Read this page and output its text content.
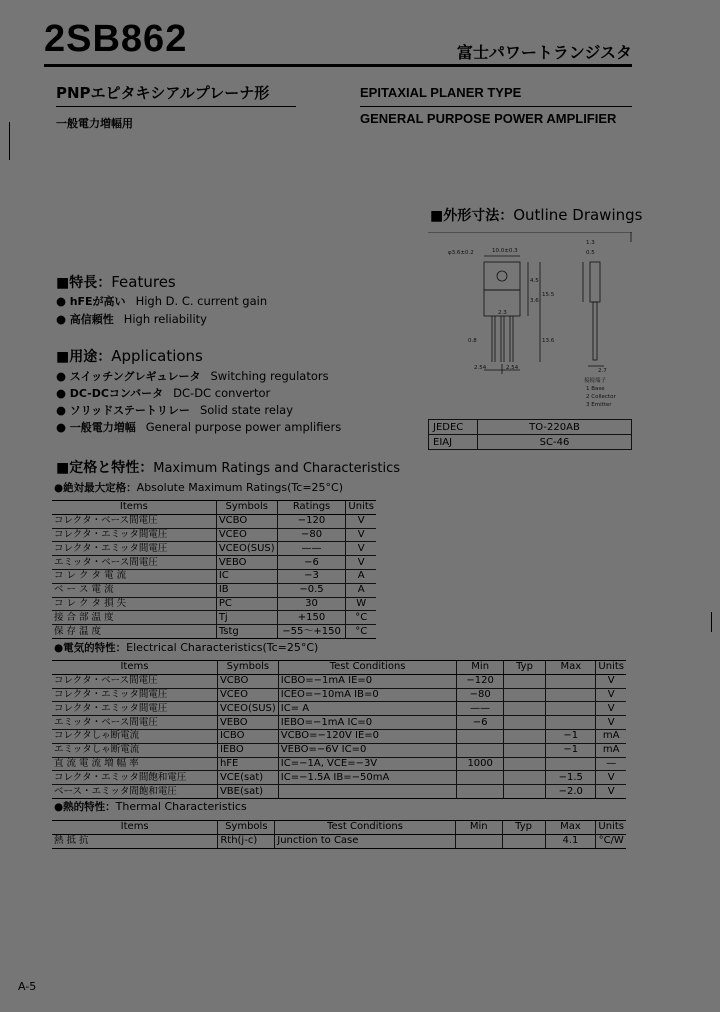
2SB862	富士パワートランジスタ
PNPエピタキシアルプレーナ形
一般電力増幅用
EPITAXIAL PLANER TYPE
GENERAL PURPOSE POWER AMPLIFIER
■外形寸法：Outline Drawings
φ3.6±0.2	10.0±0.3
4.5
3.6
15.5
2.3
13.6
0.8
2.54	2.54	2.7
1.3
0.5
接続端子
1 Base
2 Collector
3 Emitter
JEDEC	TO-220AB
EIAJ	SC-46
■特長：Features
● hFEが高い High D. C. current gain
● 高信頼性 High reliability
■用途：Applications
● スイッチングレギュレータ Switching regulators
● DC-DCコンバータ DC-DC convertor
● ソリッドステートリレー Solid state relay
● 一般電力増幅 General purpose power amplifiers
■定格と特性：Maximum Ratings and Characteristics
●絶対最大定格：Absolute Maximum Ratings(Tc=25°C)
Items	Symbols	Ratings	Units
コレクタ・ベース間電圧	VCBO	−120	V
コレクタ・エミッタ間電圧	VCEO	−80	V
コレクタ・エミッタ間電圧	VCEO(SUS)	——	V
エミッタ・ベース間電圧	VEBO	−6	V
コ レ ク タ 電 流	IC	−3	A
ベ ー ス 電 流	IB	−0.5	A
コ レ ク タ 損 失	PC	30	W
接 合 部 温 度	Tj	+150	°C
保 存 温 度	Tstg	−55〜+150	°C
●電気的特性：Electrical Characteristics(Tc=25°C)
Items	Symbols	Test Conditions	Min	Typ	Max	Units
コレクタ・ベース間電圧	VCBO	ICBO=−1mA IE=0	−120			V
コレクタ・エミッタ間電圧	VCEO	ICEO=−10mA IB=0	−80			V
コレクタ・エミッタ間電圧	VCEO(SUS)	IC= A	——			V
エミッタ・ベース間電圧	VEBO	IEBO=−1mA IC=0	−6			V
コレクタしゃ断電流	ICBO	VCBO=−120V IE=0			−1	mA
エミッタしゃ断電流	IEBO	VEBO=−6V IC=0			−1	mA
直 流 電 流 増 幅 率	hFE	IC=−1A, VCE=−3V	1000			—
コレクタ・エミッタ間飽和電圧	VCE(sat)	IC=−1.5A IB=−50mA			−1.5	V
ベース・エミッタ間飽和電圧	VBE(sat)				−2.0	V
●熱的特性：Thermal Characteristics
Items	Symbols	Test Conditions	Min	Typ	Max	Units
熱 抵 抗	Rth(j-c)	Junction to Case			4.1	°C/W
A-5
